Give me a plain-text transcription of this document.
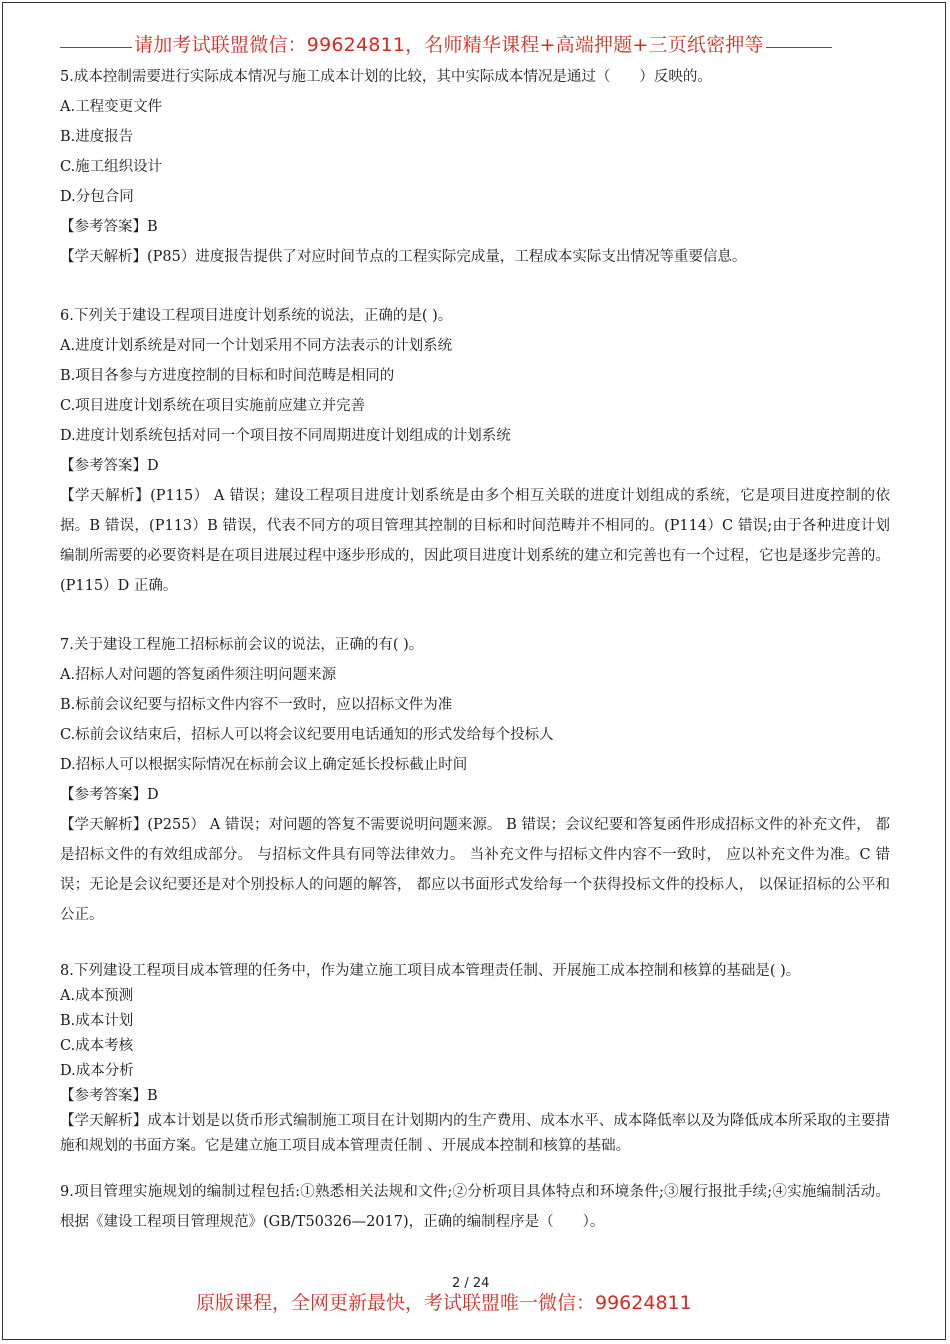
请加考试联盟微信：99624811，名师精华课程+高端押题+三页纸密押等
5.成本控制需要进行实际成本情况与施工成本计划的比较，其中实际成本情况是通过（　　）反映的。
A.工程变更文件
B.进度报告
C.施工组织设计
D.分包合同
【参考答案】B
【学天解析】(P85）进度报告提供了对应时间节点的工程实际完成量，工程成本实际支出情况等重要信息。
6.下列关于建设工程项目进度计划系统的说法，正确的是( )。
A.进度计划系统是对同一个计划采用不同方法表示的计划系统
B.项目各参与方进度控制的目标和时间范畴是相同的
C.项目进度计划系统在项目实施前应建立并完善
D.进度计划系统包括对同一个项目按不同周期进度计划组成的计划系统
【参考答案】D
【学天解析】(P115） A 错误；建设工程项目进度计划系统是由多个相互关联的进度计划组成的系统，它是项目进度控制的依据。B 错误，(P113）B 错误，代表不同方的项目管理其控制的目标和时间范畴并不相同的。(P114）C 错误;由于各种进度计划编制所需要的必要资料是在项目进展过程中逐步形成的，因此项目进度计划系统的建立和完善也有一个过程，它也是逐步完善的。(P115）D 正确。
7.关于建设工程施工招标标前会议的说法，正确的有( )。
A.招标人对问题的答复函件须注明问题来源
B.标前会议纪要与招标文件内容不一致时，应以招标文件为准
C.标前会议结束后，招标人可以将会议纪要用电话通知的形式发给每个投标人
D.招标人可以根据实际情况在标前会议上确定延长投标截止时间
【参考答案】D
【学天解析】(P255） A 错误；对问题的答复不需要说明问题来源。 B 错误；会议纪要和答复函件形成招标文件的补充文件， 都是招标文件的有效组成部分。 与招标文件具有同等法律效力。 当补充文件与招标文件内容不一致时， 应以补充文件为准。C 错误；无论是会议纪要还是对个别投标人的问题的解答， 都应以书面形式发给每一个获得投标文件的投标人， 以保证招标的公平和公正。
8.下列建设工程项目成本管理的任务中，作为建立施工项目成本管理责任制、开展施工成本控制和核算的基础是( )。
A.成本预测
B.成本计划
C.成本考核
D.成本分析
【参考答案】B
【学天解析】成本计划是以货币形式编制施工项目在计划期内的生产费用、成本水平、成本降低率以及为降低成本所采取的主要措施和规划的书面方案。它是建立施工项目成本管理责任制 、开展成本控制和核算的基础。
9.项目管理实施规划的编制过程包括:①熟悉相关法规和文件;②分析项目具体特点和环境条件;③履行报批手续;④实施编制活动。根据《建设工程项目管理规范》(GB/T50326—2017)，正确的编制程序是（　　）。
2 / 24
原版课程，全网更新最快，考试联盟唯一微信：99624811
